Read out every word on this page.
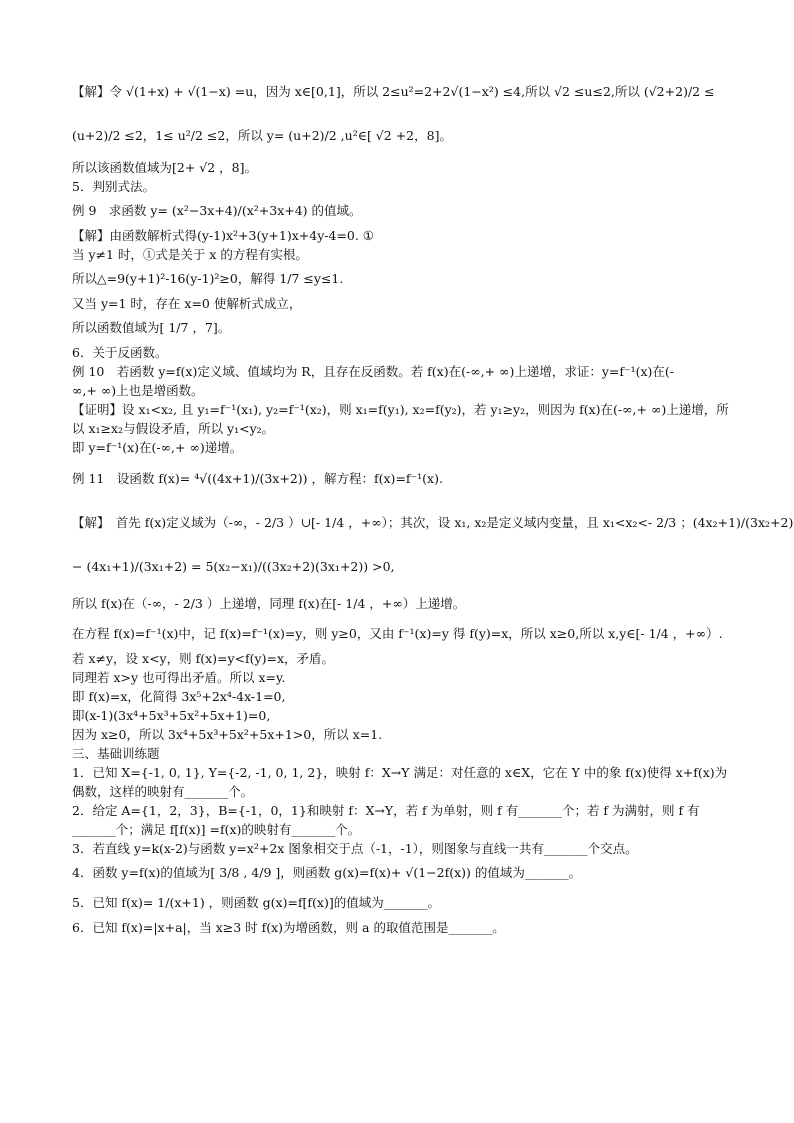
【解】令 √(1+x) + √(1−x) =u，因为 x∈[0,1]，所以 2≤u²=2+2√(1−x²) ≤4,所以 √2 ≤u≤2,所以 (√2+2)/2 ≤
(u+2)/2 ≤2，1≤ u²/2 ≤2，所以 y= (u+2)/2 ,u²∈[ √2 +2，8]。
所以该函数值域为[2+ √2 ，8]。
5．判别式法。
例 9　求函数 y= (x²−3x+4)/(x²+3x+4) 的值域。
【解】由函数解析式得(y-1)x²+3(y+1)x+4y-4=0. ①
当 y≠1 时，①式是关于 x 的方程有实根。
所以△=9(y+1)²-16(y-1)²≥0，解得 1/7 ≤y≤1.
又当 y=1 时，存在 x=0 使解析式成立，
所以函数值域为[ 1/7 ，7]。
6．关于反函数。
例 10　若函数 y=f(x)定义域、值域均为 R，且存在反函数。若 f(x)在(-∞,+ ∞)上递增，求证：y=f⁻¹(x)在(-
∞,+ ∞)上也是增函数。
【证明】设 x₁<x₂, 且 y₁=f⁻¹(x₁), y₂=f⁻¹(x₂)，则 x₁=f(y₁), x₂=f(y₂)，若 y₁≥y₂，则因为 f(x)在(-∞,+ ∞)上递增，所
以 x₁≥x₂与假设矛盾，所以 y₁<y₂。
即 y=f⁻¹(x)在(-∞,+ ∞)递增。
例 11　设函数 f(x)= ⁴√((4x+1)/(3x+2)) ，解方程：f(x)=f⁻¹(x).
【解】　首先 f(x)定义域为（-∞，- 2/3 ）∪[- 1/4 ，+∞）；其次，设 x₁, x₂是定义域内变量，且 x₁<x₂<- 2/3 ；(4x₂+1)/(3x₂+2)
− (4x₁+1)/(3x₁+2) = 5(x₂−x₁)/((3x₂+2)(3x₁+2)) >0,
所以 f(x)在（-∞，- 2/3 ）上递增，同理 f(x)在[- 1/4 ，+∞）上递增。
在方程 f(x)=f⁻¹(x)中，记 f(x)=f⁻¹(x)=y，则 y≥0，又由 f⁻¹(x)=y 得 f(y)=x，所以 x≥0,所以 x,y∈[- 1/4 ，+∞）.
若 x≠y，设 x<y，则 f(x)=y<f(y)=x，矛盾。
同理若 x>y 也可得出矛盾。所以 x=y.
即 f(x)=x，化简得 3x⁵+2x⁴-4x-1=0,
即(x-1)(3x⁴+5x³+5x²+5x+1)=0,
因为 x≥0，所以 3x⁴+5x³+5x²+5x+1>0，所以 x=1.
三、基础训练题
1．已知 X={-1, 0, 1}, Y={-2, -1, 0, 1, 2}，映射 f：X→Y 满足：对任意的 x∈X，它在 Y 中的象 f(x)使得 x+f(x)为
偶数，这样的映射有_______个。
2．给定 A={1，2，3}，B={-1，0，1}和映射 f：X→Y，若 f 为单射，则 f 有_______个；若 f 为满射，则 f 有
_______个；满足 f[f(x)] =f(x)的映射有_______个。
3．若直线 y=k(x-2)与函数 y=x²+2x 图象相交于点（-1，-1），则图象与直线一共有_______个交点。
4．函数 y=f(x)的值域为[ 3/8 , 4/9 ]，则函数 g(x)=f(x)+ √(1−2f(x)) 的值域为_______。
5．已知 f(x)= 1/(x+1) ，则函数 g(x)=f[f(x)]的值域为_______。
6．已知 f(x)=|x+a|，当 x≥3 时 f(x)为增函数，则 a 的取值范围是_______。
